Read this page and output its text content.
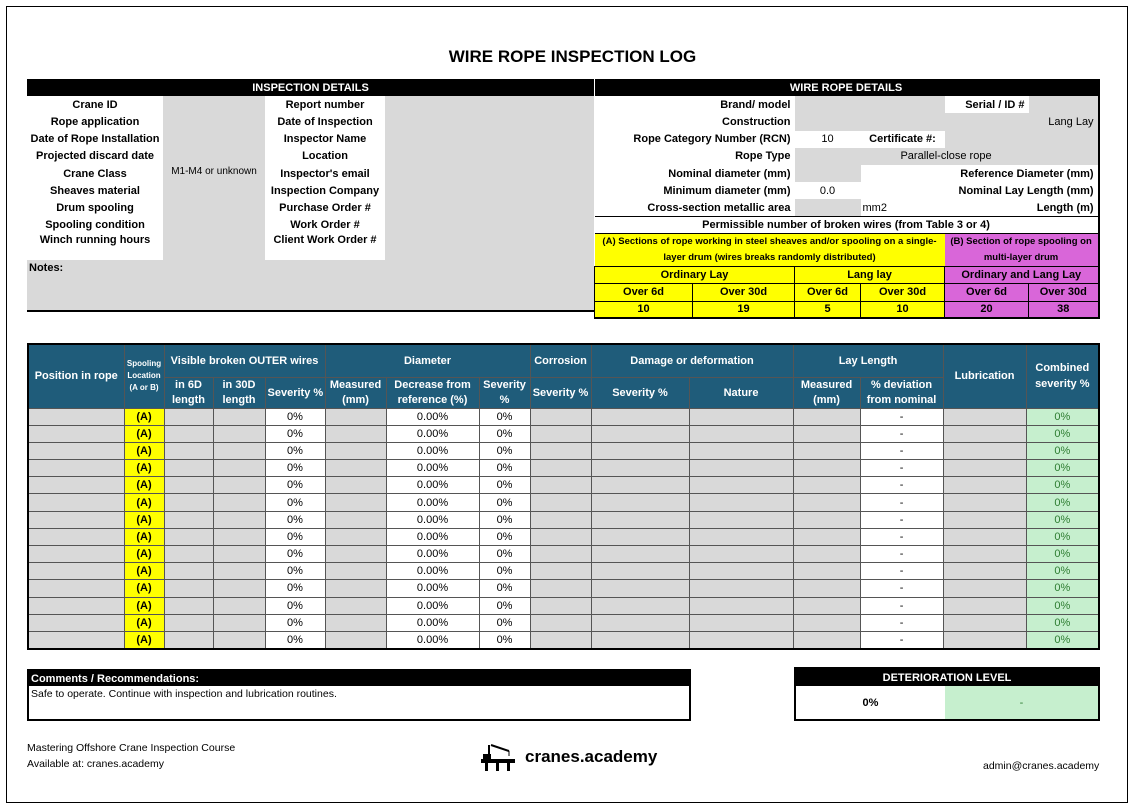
WIRE ROPE INSPECTION LOG
INSPECTION DETAILS			
Crane ID	M1-M4 or unknown	Report number	
Rope application		Date of Inspection	
Date of Rope Installation		Inspector Name	
Projected discard date		Location	
Crane Class		Inspector's email	
Sheaves material		Inspection Company	
Drum spooling		Purchase Order #	
Spooling condition		Work Order #	
Winch running hours		Client Work Order #	
Notes:			
WIRE ROPE DETAILS					
Brand/ model				Serial / ID #	
Construction		Lang Lay			
Rope Category Number (RCN)		10	Certificate #:		
Rope Type		Parallel-close rope			
Nominal diameter (mm)			Reference Diameter (mm)		
Minimum diameter (mm)		0.0	Nominal Lay Length (mm)		
Cross-section metallic area			mm2	Length (m)	
Permissible number of broken wires (from Table 3 or 4)					
(A) Sections of rope working in steel sheaves and/or spooling on a single-layer drum (wires breaks randomly distributed)				(B) Section of rope spooling on multi-layer drum	
Ordinary Lay		Lang lay		Ordinary and Lang Lay	
Over 6d	Over 30d	Over 6d	Over 30d	Over 6d	Over 30d
10	19	5	10	20	38
Position in rope	Spooling Location (A or B)	Visible broken OUTER wires			Diameter			Corrosion	Damage or deformation		Lay Length		Lubrication	Combined severity %
		in 6D length	in 30D length	Severity %	Measured (mm)	Decrease from reference (%)	Severity %	Severity %	Severity %	Nature	Measured (mm)	% deviation from nominal		
	(A)			0%		0.00%	0%					-		0%
	(A)			0%		0.00%	0%					-		0%
	(A)			0%		0.00%	0%					-		0%
	(A)			0%		0.00%	0%					-		0%
	(A)			0%		0.00%	0%					-		0%
	(A)			0%		0.00%	0%					-		0%
	(A)			0%		0.00%	0%					-		0%
	(A)			0%		0.00%	0%					-		0%
	(A)			0%		0.00%	0%					-		0%
	(A)			0%		0.00%	0%					-		0%
	(A)			0%		0.00%	0%					-		0%
	(A)			0%		0.00%	0%					-		0%
	(A)			0%		0.00%	0%					-		0%
	(A)			0%		0.00%	0%					-		0%
Comments / Recommendations:
Safe to operate. Continue with inspection and lubrication routines.
DETERIORATION LEVEL
0%	-
Mastering Offshore Crane Inspection Course
Available at: cranes.academy	cranes.academy	admin@cranes.academy
